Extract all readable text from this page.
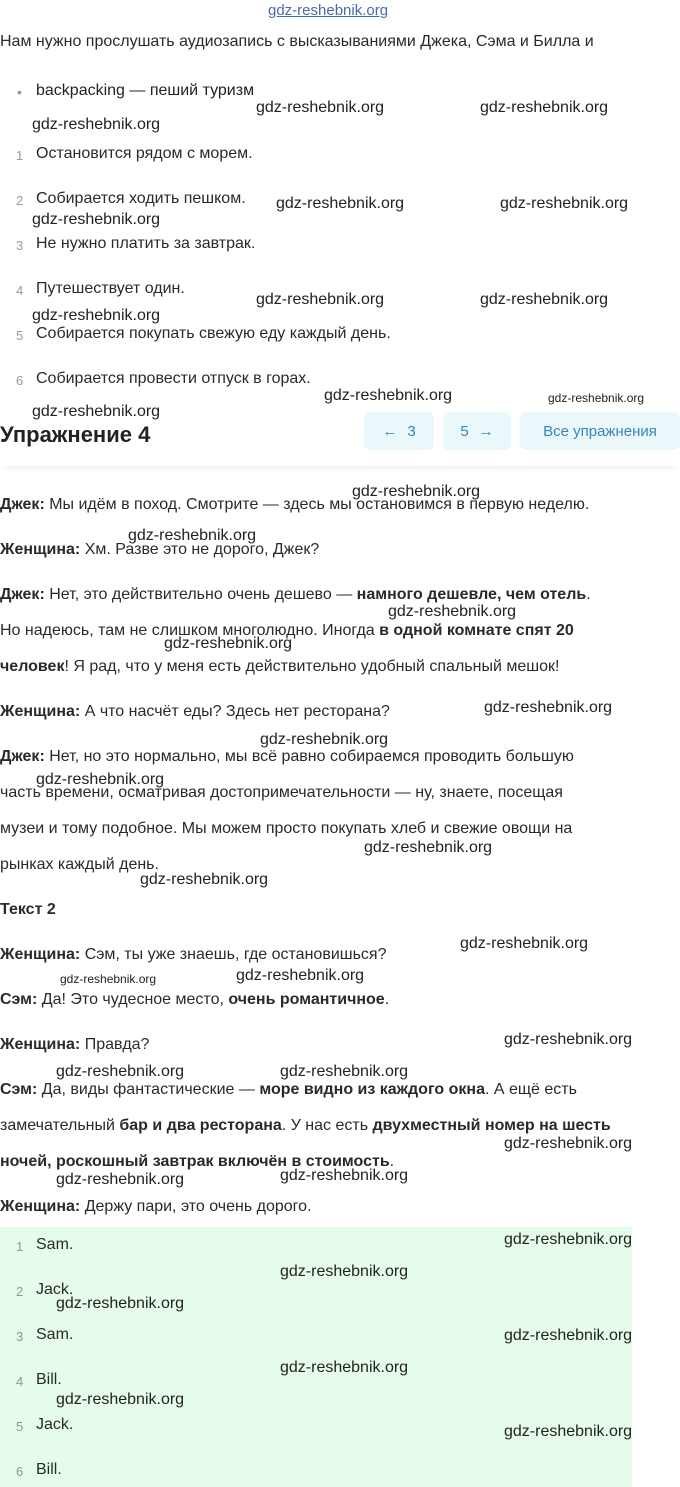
gdz-reshebnik.org
Нам нужно прослушать аудиозапись с высказываниями Джека, Сэма и Билла и
• backpacking — пеший туризм
1 Остановится рядом с морем.
2 Собирается ходить пешком.
3 Не нужно платить за завтрак.
4 Путешествует один.
5 Собирается покупать свежую еду каждый день.
6 Собирается провести отпуск в горах.
Упражнение 4	← 3	5 →	Все упражнения
Джек: Мы идём в поход. Смотрите — здесь мы остановимся в первую неделю.
Женщина: Хм. Разве это не дорого, Джек?
Джек: Нет, это действительно очень дешево — намного дешевле, чем отель.
Но надеюсь, там не слишком многолюдно. Иногда в одной комнате спят 20
человек! Я рад, что у меня есть действительно удобный спальный мешок!
Женщина: А что насчёт еды? Здесь нет ресторана?
Джек: Нет, но это нормально, мы всё равно собираемся проводить большую
часть времени, осматривая достопримечательности — ну, знаете, посещая
музеи и тому подобное. Мы можем просто покупать хлеб и свежие овощи на
рынках каждый день.
Текст 2
Женщина: Сэм, ты уже знаешь, где остановишься?
Сэм: Да! Это чудесное место, очень романтичное.
Женщина: Правда?
Сэм: Да, виды фантастические — море видно из каждого окна. А ещё есть
замечательный бар и два ресторана. У нас есть двухместный номер на шесть
ночей, роскошный завтрак включён в стоимость.
Женщина: Держу пари, это очень дорого.
1 Sam.
2 Jack.
3 Sam.
4 Bill.
5 Jack.
6 Bill.
gdz-reshebnik.org	gdz-reshebnik.org
gdz-reshebnik.org
gdz-reshebnik.org	gdz-reshebnik.org
gdz-reshebnik.org
gdz-reshebnik.org	gdz-reshebnik.org
gdz-reshebnik.org
gdz-reshebnik.org	gdz-reshebnik.org
gdz-reshebnik.org
gdz-reshebnik.org
gdz-reshebnik.org
gdz-reshebnik.org
gdz-reshebnik.org
gdz-reshebnik.org
gdz-reshebnik.org
gdz-reshebnik.org
gdz-reshebnik.org
gdz-reshebnik.org
gdz-reshebnik.org
gdz-reshebnik.org	gdz-reshebnik.org
gdz-reshebnik.org
gdz-reshebnik.org	gdz-reshebnik.org
gdz-reshebnik.org
gdz-reshebnik.org	gdz-reshebnik.org
gdz-reshebnik.org
gdz-reshebnik.org
gdz-reshebnik.org
gdz-reshebnik.org
gdz-reshebnik.org
gdz-reshebnik.org
gdz-reshebnik.org
